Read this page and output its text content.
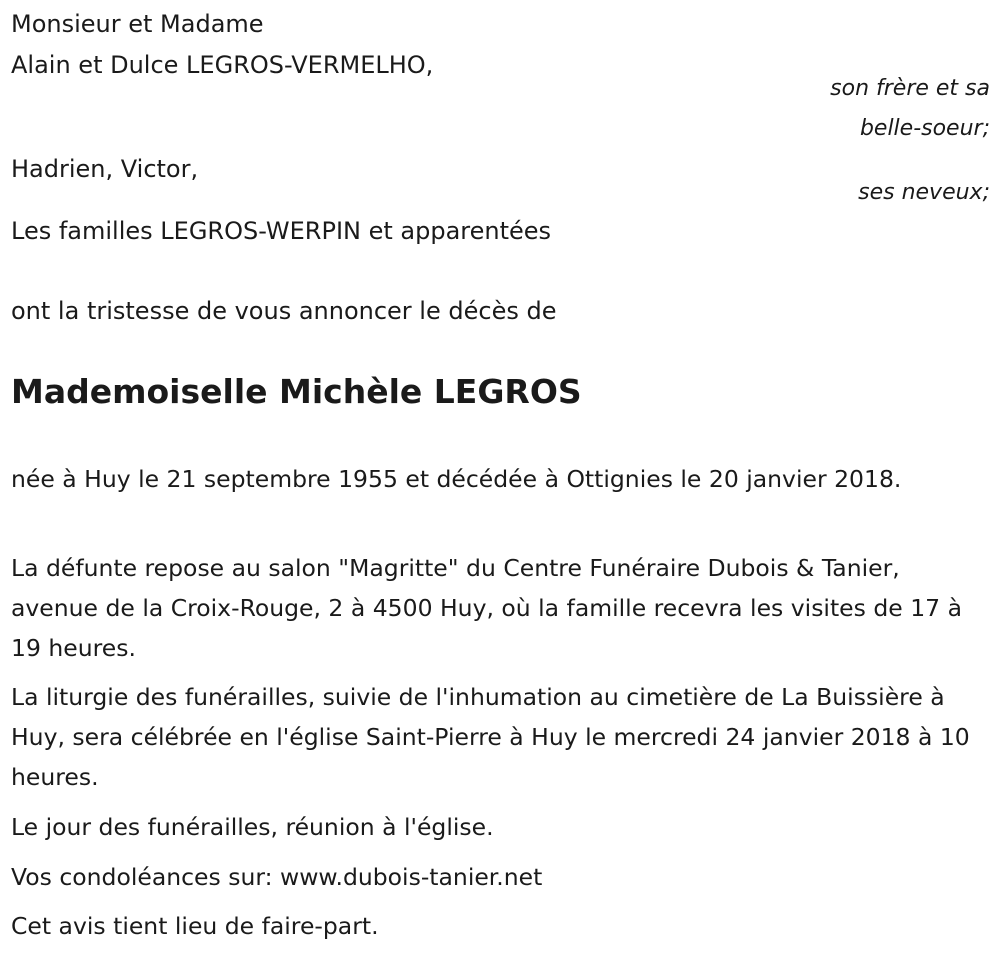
Monsieur et Madame
Alain et Dulce LEGROS-VERMELHO,
son frère et sa
belle-soeur;
Hadrien, Victor,
ses neveux;
Les familles LEGROS-WERPIN et apparentées
ont la tristesse de vous annoncer le décès de
Mademoiselle Michèle LEGROS
née à Huy le 21 septembre 1955 et décédée à Ottignies le 20 janvier 2018.
La défunte repose au salon "Magritte" du Centre Funéraire Dubois & Tanier, avenue de la Croix-Rouge, 2 à 4500 Huy, où la famille recevra les visites de 17 à 19 heures.
La liturgie des funérailles, suivie de l'inhumation au cimetière de La Buissière à Huy, sera célébrée en l'église Saint-Pierre à Huy le mercredi 24 janvier 2018 à 10 heures.
Le jour des funérailles, réunion à l'église.
Vos condoléances sur: www.dubois-tanier.net
Cet avis tient lieu de faire-part.
